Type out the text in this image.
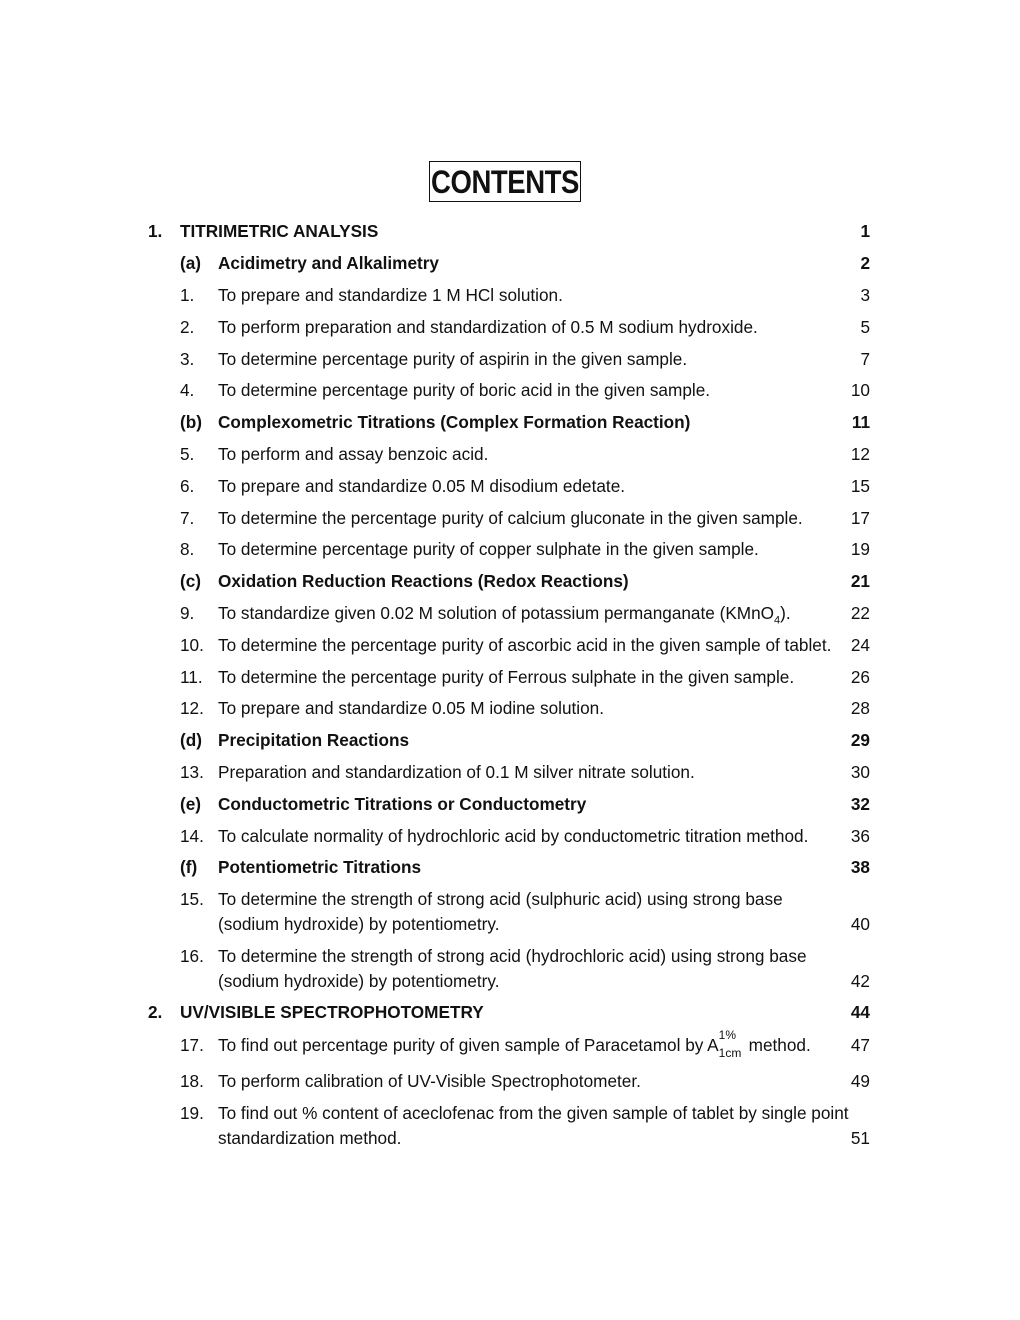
CONTENTS
1. TITRIMETRIC ANALYSIS	1
(a) Acidimetry and Alkalimetry	2
1. To prepare and standardize 1 M HCl solution.	3
2. To perform preparation and standardization of 0.5 M sodium hydroxide.	5
3. To determine percentage purity of aspirin in the given sample.	7
4. To determine percentage purity of boric acid in the given sample.	10
(b) Complexometric Titrations (Complex Formation Reaction)	11
5. To perform and assay benzoic acid.	12
6. To prepare and standardize 0.05 M disodium edetate.	15
7. To determine the percentage purity of calcium gluconate in the given sample.	17
8. To determine percentage purity of copper sulphate in the given sample.	19
(c) Oxidation Reduction Reactions (Redox Reactions)	21
9. To standardize given 0.02 M solution of potassium permanganate (KMnO$_4$).	22
10. To determine the percentage purity of ascorbic acid in the given sample of tablet. 24
11. To determine the percentage purity of Ferrous sulphate in the given sample.	26
12. To prepare and standardize 0.05 M iodine solution.	28
(d) Precipitation Reactions	29
13. Preparation and standardization of 0.1 M silver nitrate solution.	30
(e) Conductometric Titrations or Conductometry	32
14. To calculate normality of hydrochloric acid by conductometric titration method. 36
(f) Potentiometric Titrations	38
15. To determine the strength of strong acid (sulphuric acid) using strong base
(sodium hydroxide) by potentiometry.	40
16. To determine the strength of strong acid (hydrochloric acid) using strong base
(sodium hydroxide) by potentiometry.	42
2. UV/VISIBLE SPECTROPHOTOMETRY	44
17. To find out percentage purity of given sample of Paracetamol by A 1%
1cm method. 47
18. To perform calibration of UV-Visible Spectrophotometer.	49
19. To find out % content of aceclofenac from the given sample of tablet by single point
standardization method.	51
